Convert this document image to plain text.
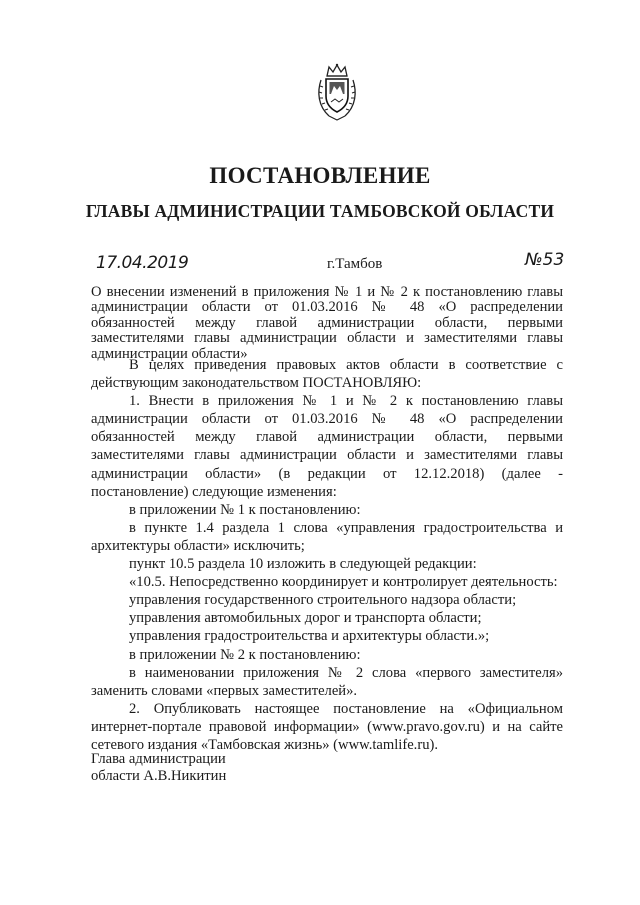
ПОСТАНОВЛЕНИЕ
ГЛАВЫ АДМИНИСТРАЦИИ ТАМБОВСКОЙ ОБЛАСТИ
17.04.2019	г.Тамбов	№53
О внесении изменений в приложения № 1 и № 2 к постановлению главы администрации области от 01.03.2016 № 48 «О распределении обязанностей между главой администрации области, первыми заместителями главы администрации области и заместителями главы администрации области»

В целях приведения правовых актов области в соответствие с действующим законодательством ПОСТАНОВЛЯЮ:

1. Внести в приложения № 1 и № 2 к постановлению главы администрации области от 01.03.2016 № 48 «О распределении обязанностей между главой администрации области, первыми заместителями главы администрации области и заместителями главы администрации области» (в редакции от 12.12.2018) (далее - постановление) следующие изменения:

в приложении № 1 к постановлению:

в пункте 1.4 раздела 1 слова «управления градостроительства и архитектуры области» исключить;

пункт 10.5 раздела 10 изложить в следующей редакции:

«10.5. Непосредственно координирует и контролирует деятельность:

управления государственного строительного надзора области;

управления автомобильных дорог и транспорта области;

управления градостроительства и архитектуры области.»;

в приложении № 2 к постановлению:

в наименовании приложения № 2 слова «первого заместителя» заменить словами «первых заместителей».

2. Опубликовать настоящее постановление на «Официальном интернет-портале правовой информации» (www.pravo.gov.ru) и на сайте сетевого издания «Тамбовская жизнь» (www.tamlife.ru).

Глава администрации
области А.В.Никитин
